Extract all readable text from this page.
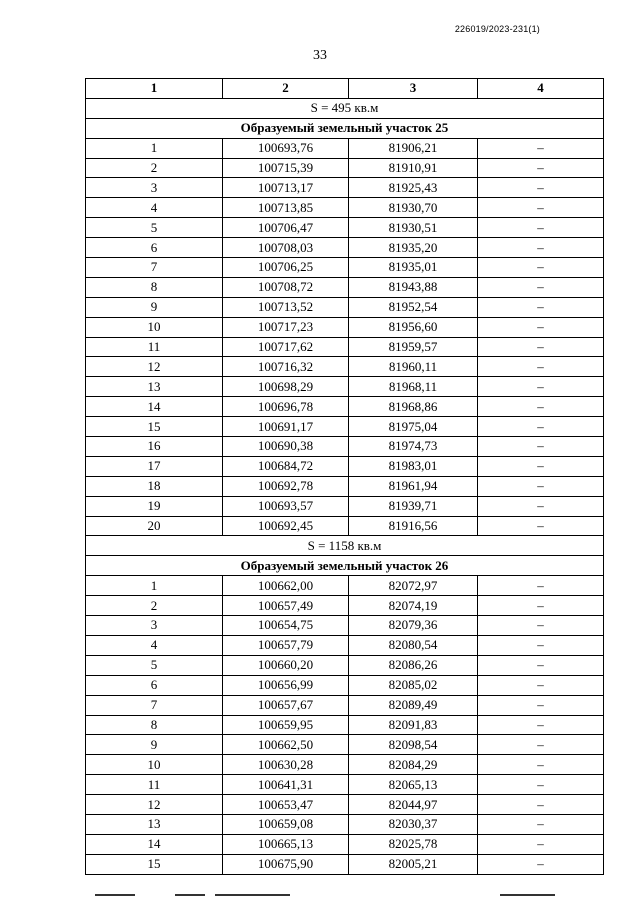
226019/2023-231(1)
33
1	2	3	4
S = 495 кв.м			
Образуемый земельный участок 25			
1	100693,76	81906,21	–
2	100715,39	81910,91	–
3	100713,17	81925,43	–
4	100713,85	81930,70	–
5	100706,47	81930,51	–
6	100708,03	81935,20	–
7	100706,25	81935,01	–
8	100708,72	81943,88	–
9	100713,52	81952,54	–
10	100717,23	81956,60	–
11	100717,62	81959,57	–
12	100716,32	81960,11	–
13	100698,29	81968,11	–
14	100696,78	81968,86	–
15	100691,17	81975,04	–
16	100690,38	81974,73	–
17	100684,72	81983,01	–
18	100692,78	81961,94	–
19	100693,57	81939,71	–
20	100692,45	81916,56	–
S = 1158 кв.м			
Образуемый земельный участок 26			
1	100662,00	82072,97	–
2	100657,49	82074,19	–
3	100654,75	82079,36	–
4	100657,79	82080,54	–
5	100660,20	82086,26	–
6	100656,99	82085,02	–
7	100657,67	82089,49	–
8	100659,95	82091,83	–
9	100662,50	82098,54	–
10	100630,28	82084,29	–
11	100641,31	82065,13	–
12	100653,47	82044,97	–
13	100659,08	82030,37	–
14	100665,13	82025,78	–
15	100675,90	82005,21	–
